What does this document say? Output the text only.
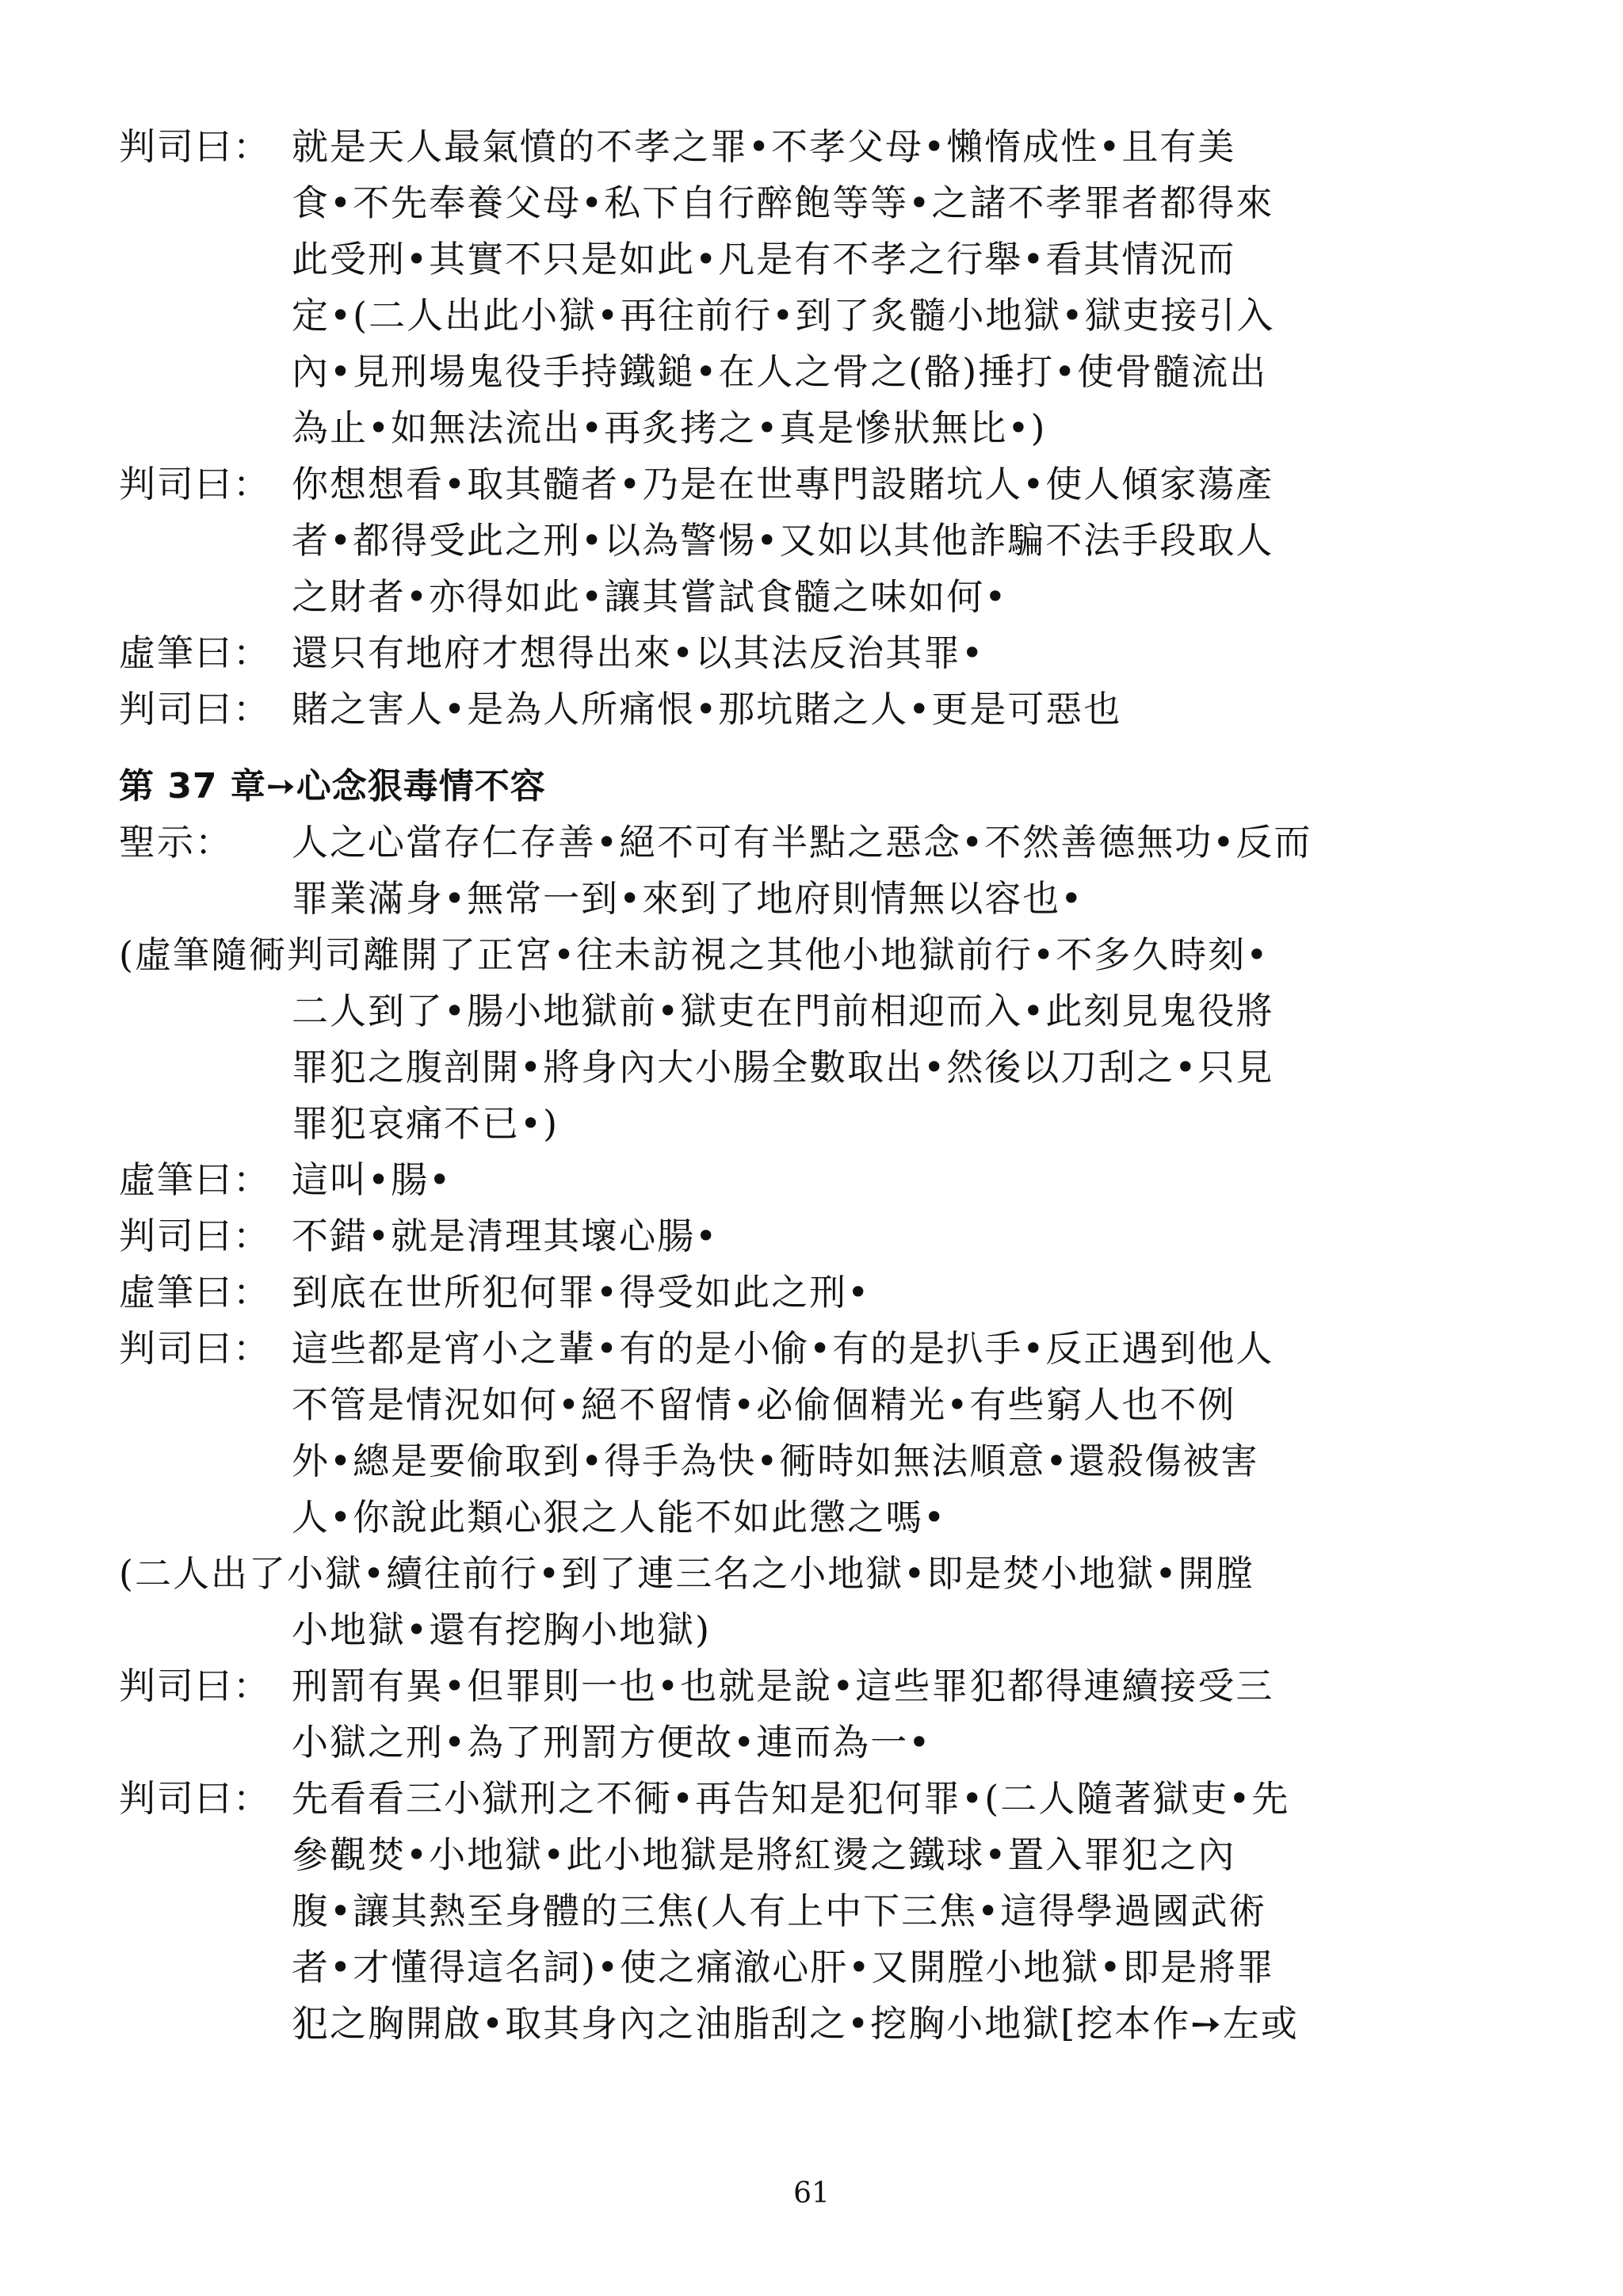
判司曰： 就是天人最氣憤的不孝之罪•不孝父母•懶惰成性•且有美
食•不先奉養父母•私下自行醉飽等等•之諸不孝罪者都得來
此受刑•其實不只是如此•凡是有不孝之行舉•看其情況而
定•(二人出此小獄•再往前行•到了炙髓小地獄•獄吏接引入
內•見刑場鬼役手持鐵鎚•在人之骨之(骼)捶打•使骨髓流出
為止•如無法流出•再炙拷之•真是慘狀無比•)
判司曰： 你想想看•取其髓者•乃是在世專門設賭坑人•使人傾家蕩產
者•都得受此之刑•以為警惕•又如以其他詐騙不法手段取人
之財者•亦得如此•讓其嘗試食髓之味如何•
虛筆曰： 還只有地府才想得出來•以其法反治其罪•
判司曰： 賭之害人•是為人所痛恨•那坑賭之人•更是可惡也
第 37 章➙心念狠毒情不容
聖示：	人之心當存仁存善•絕不可有半點之惡念•不然善德無功•反而
罪業滿身•無常一到•來到了地府則情無以容也•
(虛筆隨衕判司離開了正宮•往未訪視之其他小地獄前行•不多久時刻•
二人到了•腸小地獄前•獄吏在門前相迎而入•此刻見鬼役將
罪犯之腹剖開•將身內大小腸全數取出•然後以刀刮之•只見
罪犯哀痛不已•)
虛筆曰： 這叫•腸•
判司曰： 不錯•就是清理其壞心腸•
虛筆曰： 到底在世所犯何罪•得受如此之刑•
判司曰： 這些都是宵小之輩•有的是小偷•有的是扒手•反正遇到他人
不管是情況如何•絕不留情•必偷個精光•有些窮人也不例
外•總是要偷取到•得手為快•衕時如無法順意•還殺傷被害
人•你說此類心狠之人能不如此懲之嗎•
(二人出了小獄•續往前行•到了連三名之小地獄•即是焚小地獄•開膛
小地獄•還有挖胸小地獄)
判司曰： 刑罰有異•但罪則一也•也就是說•這些罪犯都得連續接受三
小獄之刑•為了刑罰方便故•連而為一•
判司曰： 先看看三小獄刑之不衕•再告知是犯何罪•(二人隨著獄吏•先
參觀焚•小地獄•此小地獄是將紅燙之鐵球•置入罪犯之內
腹•讓其熱至身體的三焦(人有上中下三焦•這得學過國武術
者•才懂得這名詞)•使之痛澈心肝•又開膛小地獄•即是將罪
犯之胸開啟•取其身內之油脂刮之•挖胸小地獄[挖本作➙左或
61
